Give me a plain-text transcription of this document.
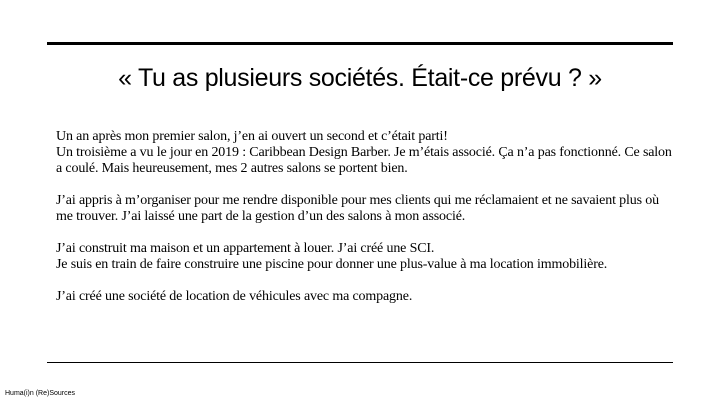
« Tu as plusieurs sociétés. Était-ce prévu ? »

Un an après mon premier salon, j’en ai ouvert un second et c’était parti!
Un troisième a vu le jour en 2019 : Caribbean Design Barber. Je m’étais associé. Ça n’a pas fonctionné. Ce salon a coulé. Mais heureusement, mes 2 autres salons se portent bien.

J’ai appris à m’organiser pour me rendre disponible pour mes clients qui me réclamaient et ne savaient plus où me trouver. J’ai laissé une part de la gestion d’un des salons à mon associé.

J’ai construit ma maison et un appartement à louer. J’ai créé une SCI.
Je suis en train de faire construire une piscine pour donner une plus-value à ma location immobilière.

J’ai créé une société de location de véhicules avec ma compagne.

Huma(i)n (Re)Sources
